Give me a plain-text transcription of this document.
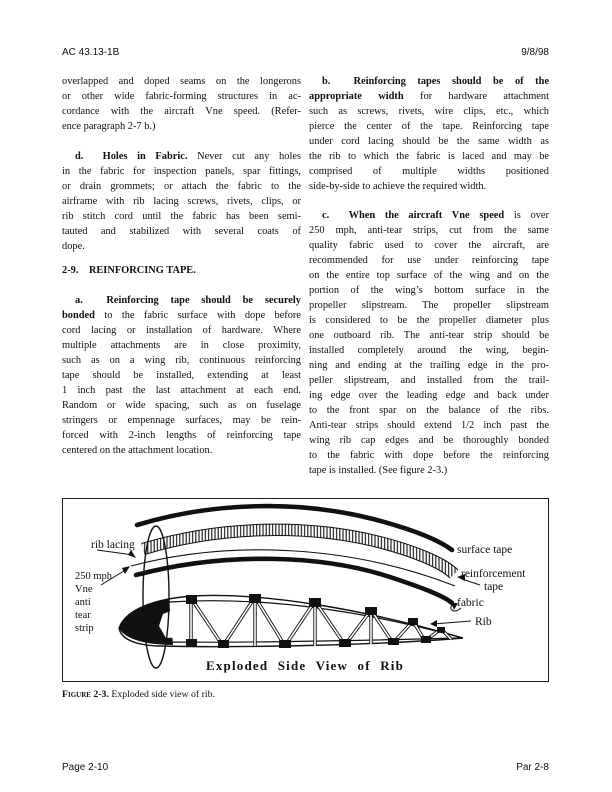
AC 43.13-1B	9/8/98
overlapped and doped seams on the longerons
or other wide fabric-forming structures in ac-
cordance with the aircraft Vne speed. (Refer-
ence paragraph 2-7 b.)
d.  Holes in Fabric. Never cut any holes
in the fabric for inspection panels, spar fittings,
or drain grommets; or attach the fabric to the
airframe with rib lacing screws, rivets, clips, or
rib stitch cord until the fabric has been semi-
tauted and stabilized with several coats of
dope.
2-9.    REINFORCING TAPE.
a.  Reinforcing tape should be securely
bonded to the fabric surface with dope before
cord lacing or installation of hardware. Where
multiple attachments are in close proximity,
such as on a wing rib, continuous reinforcing
tape should be installed, extending at least
1 inch past the last attachment at each end.
Random or wide spacing, such as on fuselage
stringers or empennage surfaces, may be rein-
forced with 2-inch lengths of reinforcing tape
centered on the attachment location.
b.  Reinforcing tapes should be of the
appropriate width for hardware attachment
such as screws, rivets, wire clips, etc., which
pierce the center of the tape. Reinforcing tape
under cord lacing should be the same width as
the rib to which the fabric is laced and may be
comprised of multiple widths positioned
side-by-side to achieve the required width.
c.  When the aircraft Vne speed is over
250 mph, anti-tear strips, cut from the same
quality fabric used to cover the aircraft, are
recommended for use under reinforcing tape
on the entire top surface of the wing and on the
portion of the wing’s bottom surface in the
propeller slipstream. The propeller slipstream
is considered to be the propeller diameter plus
one outboard rib. The anti-tear strip should be
installed completely around the wing, begin-
ning and ending at the trailing edge in the pro-
peller slipstream, and installed from the trail-
ing edge over the leading edge and back under
to the front spar on the balance of the ribs.
Anti-tear strips should extend 1/2 inch past the
wing rib cap edges and be thoroughly bonded
to the fabric with dope before the reinforcing
tape is installed. (See figure 2-3.)
rib lacing
250 mph
Vne
anti
tear
strip
surface tape
reinforcement
tape
fabric
Rib
Exploded Side View of Rib
Figure 2-3. Exploded side view of rib.
Page 2-10	Par 2-8
